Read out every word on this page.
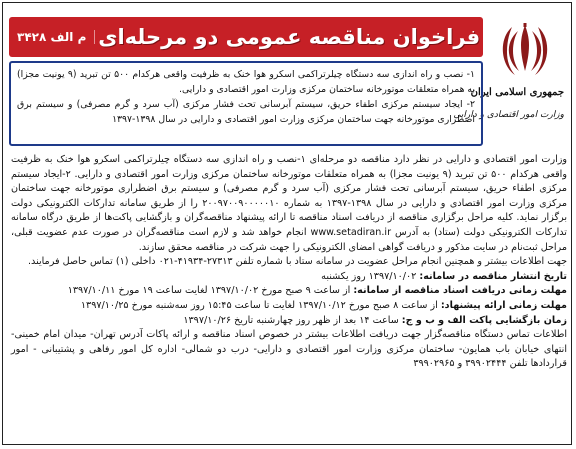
جمهوری اسلامی ایران
وزارت امور اقتصادی و دارایی
فراخوان مناقصه عمومی دو مرحله‌ای
م الف ۳۴۲۸

۱- نصب و راه اندازی سه دستگاه چیلرتراکمی اسکرو هوا خنک به ظرفیت واقعی هرکدام ۵۰۰ تن تبرید (۹ یونیت مجزا) به همراه متعلقات موتورخانه ساختمان مرکزی وزارت امور اقتصادی و دارایی.

۲- ایجاد سیستم مرکزی اطفاء حریق، سیستم آبرسانی تحت فشار مرکزی (آب سرد و گرم مصرفی) و سیستم برق اضطراری موتورخانه جهت ساختمان مرکزی وزارت امور اقتصادی و دارایی در سال ۱۳۹۸-۱۳۹۷

وزارت امور اقتصادی و دارایی در نظر دارد مناقصه دو مرحله‌ای ۱-نصب و راه اندازی سه دستگاه چیلرتراکمی اسکرو هوا خنک به ظرفیت واقعی هرکدام ۵۰۰ تن تبرید (۹ یونیت مجزا) به همراه متعلقات موتورخانه ساختمان مرکزی وزارت امور اقتصادی و دارایی. ۲-ایجاد سیستم مرکزی اطفاء حریق، سیستم آبرسانی تحت فشار مرکزی (آب سرد و گرم مصرفی) و سیستم برق اضطراری موتورخانه جهت ساختمان مرکزی وزارت امور اقتصادی و دارایی در سال ۱۳۹۸-۱۳۹۷ به شماره ۲۰۰۹۷۰۰۹۰۰۰۰۰۱۰ را از طریق سامانه تدارکات الکترونیکی دولت برگزار نماید. کلیه مراحل برگزاری مناقصه از دریافت اسناد مناقصه تا ارائه پیشنهاد مناقصه‌گران و بازگشایی پاکت‌ها از طریق درگاه سامانه تدارکات الکترونیکی دولت (ستاد) به آدرس www.setadiran.ir انجام خواهد شد و لازم است مناقصه‌گران در صورت عدم عضویت قبلی، مراحل ثبت‌نام در سایت مذکور و دریافت گواهی امضای الکترونیکی را جهت شرکت در مناقصه محقق سازند.

جهت اطلاعات بیشتر و همچنین انجام مراحل عضویت در سامانه ستاد با شماره تلفن ۲۷۳۱۳-۴۱۹۳۴-۰۲۱ داخلی (۱) تماس حاصل فرمایند.

تاریخ انتشار مناقصه در سامانه: ۱۳۹۷/۱۰/۰۲ روز یکشنبه

مهلت زمانی دریافت اسناد مناقصه از سامانه: از ساعت ۹ صبح مورخ ۱۳۹۷/۱۰/۰۲ لغایت ساعت ۱۹ مورخ ۱۳۹۷/۱۰/۱۱

مهلت زمانی ارائه پیشنهاد: از ساعت ۸ صبح مورخ ۱۳۹۷/۱۰/۱۲ لغایت تا ساعت ۱۵:۴۵ روز سه‌شنبه مورخ ۱۳۹۷/۱۰/۲۵

زمان بازگشایی پاکت الف و ب و ج: ساعت ۱۴ بعد از ظهر روز چهارشنبه تاریخ ۱۳۹۷/۱۰/۲۶

اطلاعات تماس دستگاه مناقصه‌گزار جهت دریافت اطلاعات بیشتر در خصوص اسناد مناقصه و ارائه پاکات آدرس تهران- میدان امام خمینی- انتهای خیابان باب همایون- ساختمان مرکزی وزارت امور اقتصادی و دارایی- درب دو شمالی- اداره کل امور رفاهی و پشتیبانی - امور قراردادها تلفن ۳۹۹۰۲۴۴۴ و ۳۹۹۰۲۹۶۵
